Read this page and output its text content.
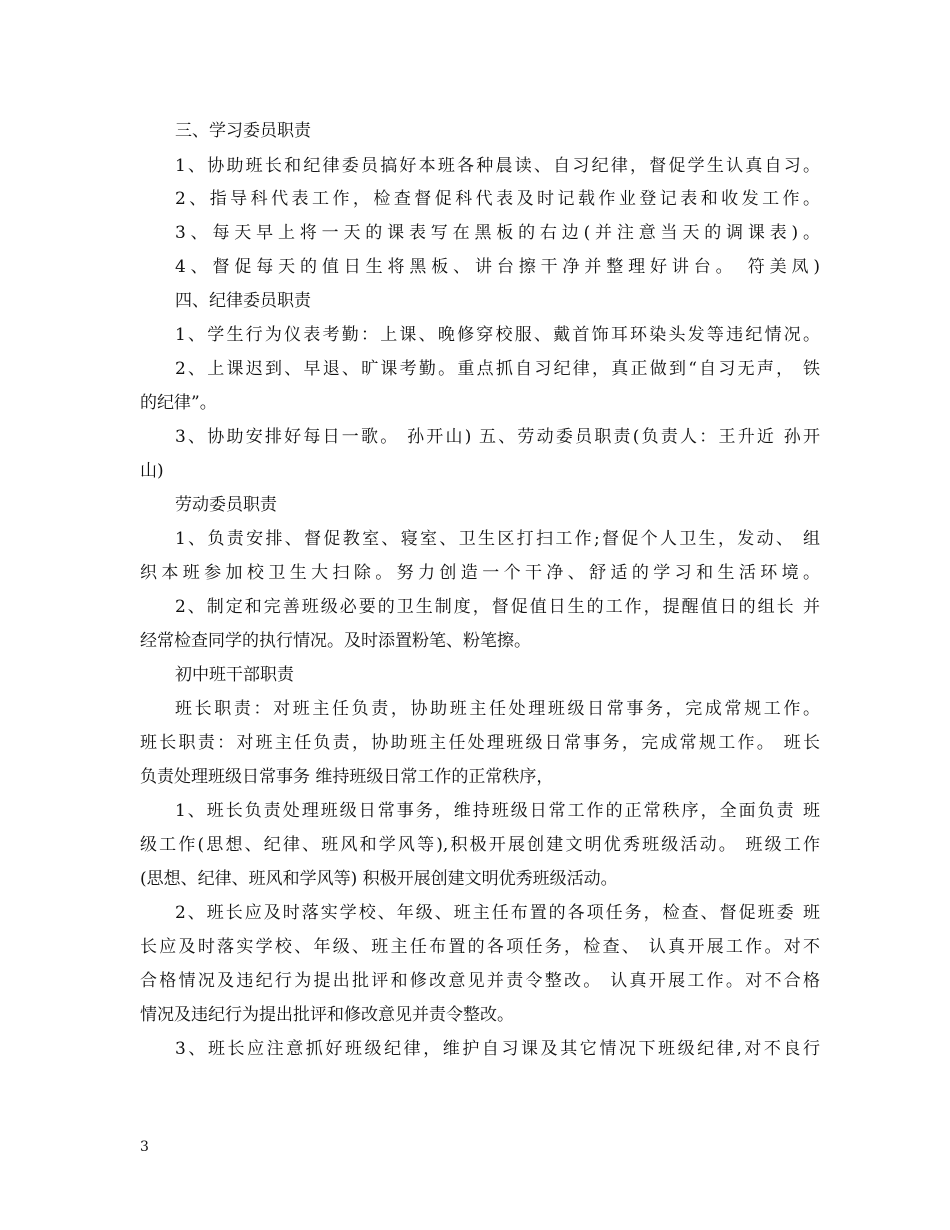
三、学习委员职责
1、协助班长和纪律委员搞好本班各种晨读、自习纪律，督促学生认真自习。
2、指导科代表工作，检查督促科代表及时记载作业登记表和收发工作。
3、每天早上将一天的课表写在黑板的右边(并注意当天的调课表)。
4、督促每天的值日生将黑板、讲台擦干净并整理好讲台。 符美凤)
四、纪律委员职责
1、学生行为仪表考勤：上课、晚修穿校服、戴首饰耳环染头发等违纪情况。
2、上课迟到、早退、旷课考勤。重点抓自习纪律，真正做到“自习无声， 铁
的纪律”。
3、协助安排好每日一歌。 孙开山) 五、劳动委员职责(负责人：王升近 孙开
山)
劳动委员职责
1、负责安排、督促教室、寝室、卫生区打扫工作;督促个人卫生，发动、 组
织本班参加校卫生大扫除。努力创造一个干净、舒适的学习和生活环境。
2、制定和完善班级必要的卫生制度，督促值日生的工作，提醒值日的组长 并
经常检查同学的执行情况。及时添置粉笔、粉笔擦。
初中班干部职责
班长职责：对班主任负责，协助班主任处理班级日常事务，完成常规工作。
班长职责：对班主任负责，协助班主任处理班级日常事务，完成常规工作。 班长
负责处理班级日常事务 维持班级日常工作的正常秩序，
1、班长负责处理班级日常事务，维持班级日常工作的正常秩序，全面负责 班
级工作(思想、纪律、班风和学风等),积极开展创建文明优秀班级活动。 班级工作
(思想、纪律、班风和学风等) 积极开展创建文明优秀班级活动。
2、班长应及时落实学校、年级、班主任布置的各项任务，检查、督促班委 班
长应及时落实学校、年级、班主任布置的各项任务，检查、 认真开展工作。对不
合格情况及违纪行为提出批评和修改意见并责令整改。 认真开展工作。对不合格
情况及违纪行为提出批评和修改意见并责令整改。
3、班长应注意抓好班级纪律，维护自习课及其它情况下班级纪律,对不良行
3
